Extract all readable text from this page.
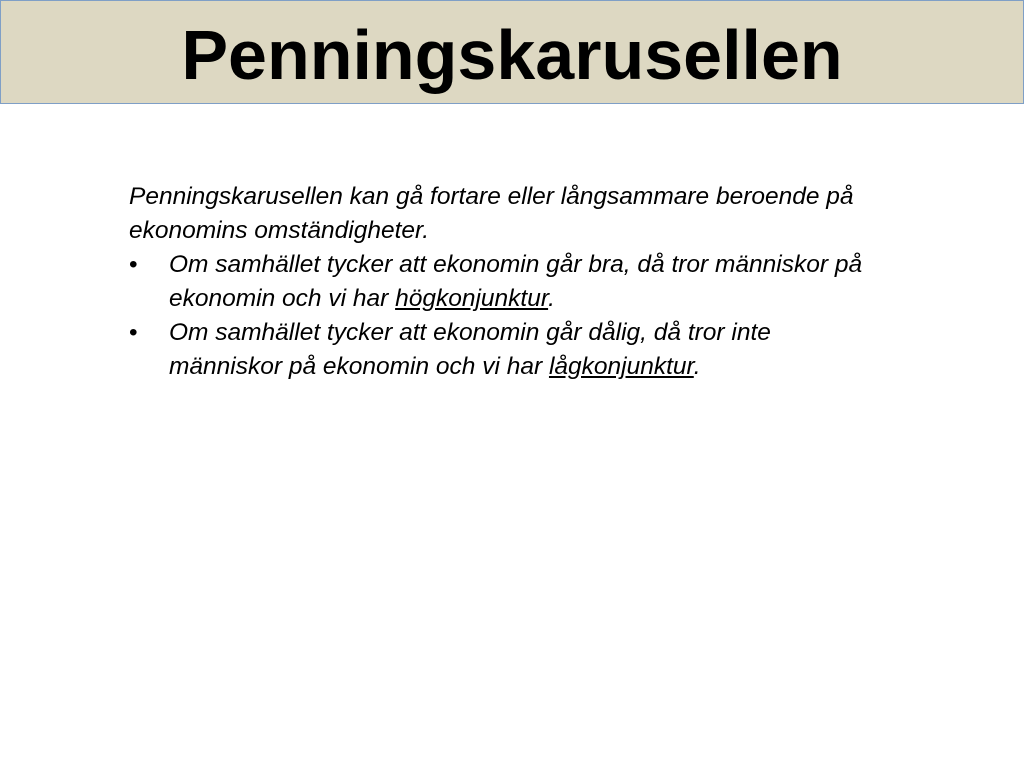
Penningskarusellen

Penningskarusellen kan gå fortare eller långsammare beroende på ekonomins omständigheter.

• Om samhället tycker att ekonomin går bra, då tror människor på ekonomin och vi har högkonjunktur.
• Om samhället tycker att ekonomin går dålig, då tror inte människor på ekonomin och vi har lågkonjunktur.
